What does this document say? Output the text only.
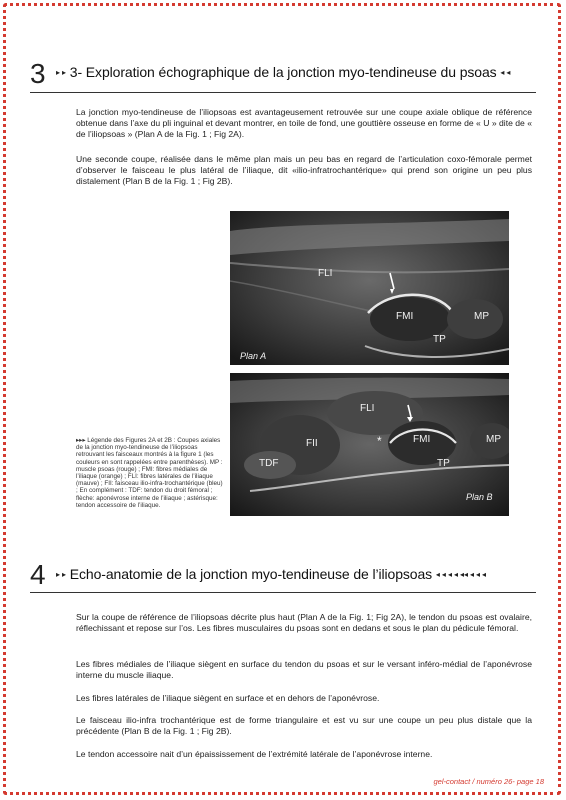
3 ▸ ▸ 3- Exploration échographique de la jonction myo-tendineuse du psoas ◂ ◂

La jonction myo-tendineuse de l’iliopsoas est avantageusement retrouvée sur une coupe axiale oblique de référence obtenue dans l’axe du pli inguinal et devant montrer, en toile de fond, une gouttière osseuse en forme de « U » dite de « de l’iliopsoas » (Plan A de la Fig. 1 ; Fig 2A).

Une seconde coupe, réalisée dans le même plan mais un peu bas en regard de l’articulation coxo-fémorale permet d’observer le faisceau le plus latéral de l’iliaque, dit «ilio-infratrochantérique» qui prend son origine un peu plus distalement (Plan B de la Fig. 1 ; Fig 2B).

FLI
FMI	MP
TP
Plan A
FLI
FII	*	FMI	MP
TDF	TP
Plan B

▸▸▸ Légende des Figures 2A et 2B : Coupes axiales de la jonction myo-tendineuse de l’iliopsoas retrouvant les faisceaux montrés à la figure 1 (les couleurs en sont rappelées entre parenthèses). MP : muscle psoas (rouge) ; FMI: fibres médiales de l’iliaque (orange) ; FLI: fibres latérales de l’iliaque (mauve) ; FII: faisceau ilio-infra-trochantérique (bleu) ; En complément : TDF: tendon du droit fémoral ; flèche: aponévrose interne de l’iliaque ; astérisque: tendon accessoire de l’iliaque.

4 ▸ ▸ Echo-anatomie de la jonction myo-tendineuse de l’iliopsoas ◂ ◂ ◂ ◂ ◂◂ ◂ ◂ ◂

Sur la coupe de référence de l’iliopsoas décrite plus haut (Plan A de la Fig. 1; Fig 2A), le tendon du psoas est ovalaire, réflechissant et repose sur l’os. Les fibres musculaires du psoas sont en dedans et sous le plan du pédicule fémoral.

Les fibres médiales de l’iliaque siègent en surface du tendon du psoas et sur le versant inféro-médial de l’aponévrose interne du muscle iliaque.

Les fibres latérales de l’iliaque siègent en surface et en dehors de l’aponévrose.

Le faisceau ilio-infra trochantérique est de forme triangulaire et est vu sur une coupe un peu plus distale que la précédente (Plan B de la Fig. 1 ; Fig 2B).

Le tendon accessoire nait d’un épaississement de l’extrémité latérale de l’aponévrose interne.

gel-contact / numéro 26- page 18
